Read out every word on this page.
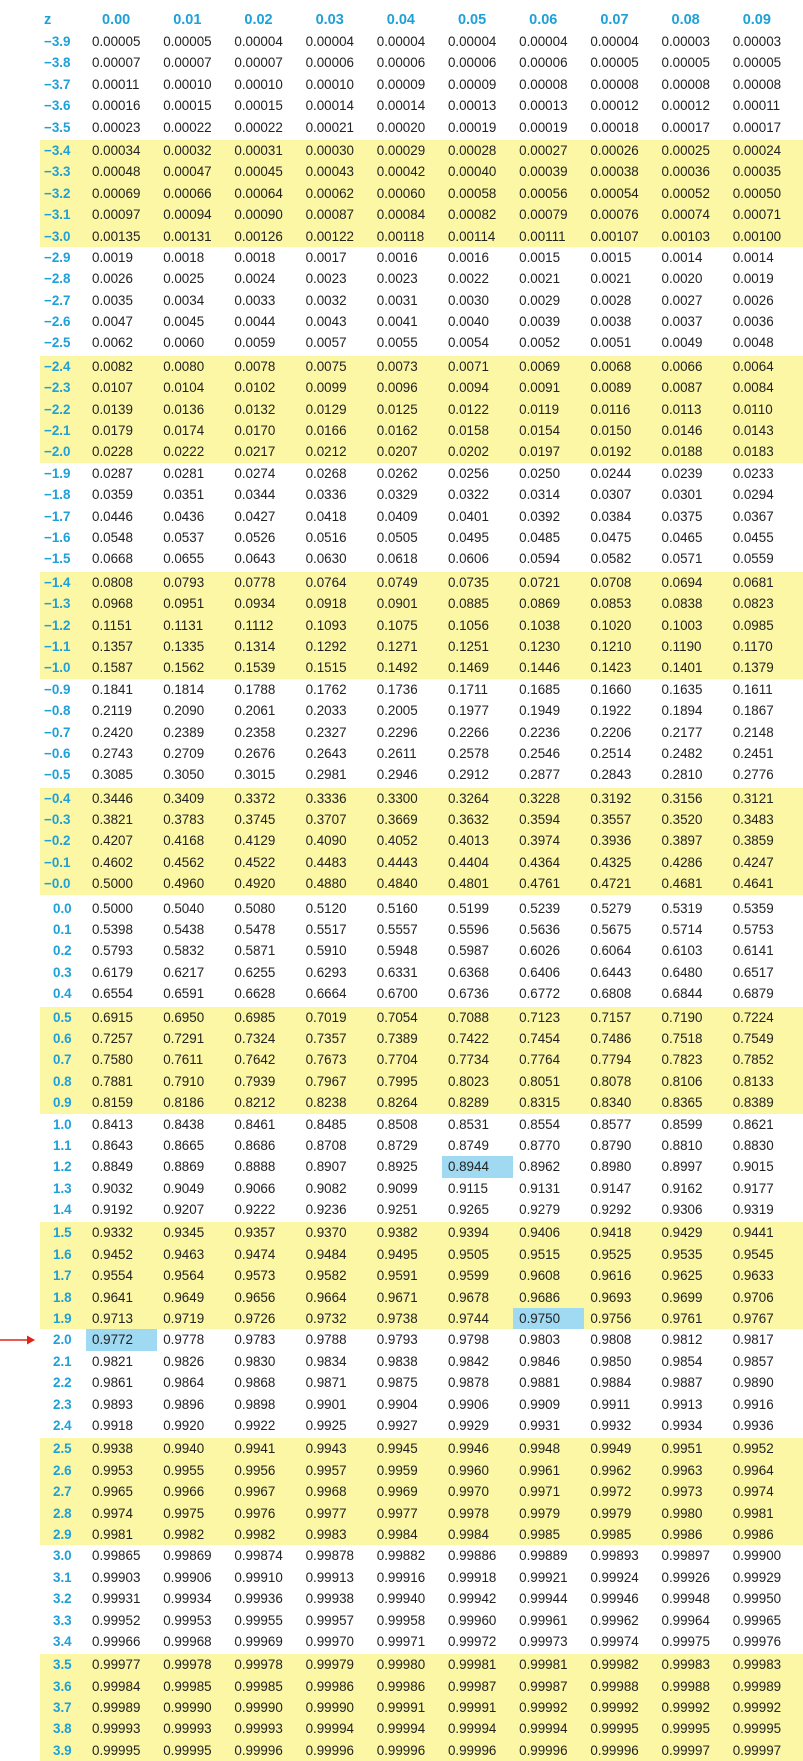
z	0.00	0.01	0.02	0.03	0.04	0.05	0.06	0.07	0.08	0.09
−3.9	0.00005	0.00005	0.00004	0.00004	0.00004	0.00004	0.00004	0.00004	0.00003	0.00003
−3.8	0.00007	0.00007	0.00007	0.00006	0.00006	0.00006	0.00006	0.00005	0.00005	0.00005
−3.7	0.00011	0.00010	0.00010	0.00010	0.00009	0.00009	0.00008	0.00008	0.00008	0.00008
−3.6	0.00016	0.00015	0.00015	0.00014	0.00014	0.00013	0.00013	0.00012	0.00012	0.00011
−3.5	0.00023	0.00022	0.00022	0.00021	0.00020	0.00019	0.00019	0.00018	0.00017	0.00017
−3.4	0.00034	0.00032	0.00031	0.00030	0.00029	0.00028	0.00027	0.00026	0.00025	0.00024
−3.3	0.00048	0.00047	0.00045	0.00043	0.00042	0.00040	0.00039	0.00038	0.00036	0.00035
−3.2	0.00069	0.00066	0.00064	0.00062	0.00060	0.00058	0.00056	0.00054	0.00052	0.00050
−3.1	0.00097	0.00094	0.00090	0.00087	0.00084	0.00082	0.00079	0.00076	0.00074	0.00071
−3.0	0.00135	0.00131	0.00126	0.00122	0.00118	0.00114	0.00111	0.00107	0.00103	0.00100
−2.9	0.0019	0.0018	0.0018	0.0017	0.0016	0.0016	0.0015	0.0015	0.0014	0.0014
−2.8	0.0026	0.0025	0.0024	0.0023	0.0023	0.0022	0.0021	0.0021	0.0020	0.0019
−2.7	0.0035	0.0034	0.0033	0.0032	0.0031	0.0030	0.0029	0.0028	0.0027	0.0026
−2.6	0.0047	0.0045	0.0044	0.0043	0.0041	0.0040	0.0039	0.0038	0.0037	0.0036
−2.5	0.0062	0.0060	0.0059	0.0057	0.0055	0.0054	0.0052	0.0051	0.0049	0.0048
−2.4	0.0082	0.0080	0.0078	0.0075	0.0073	0.0071	0.0069	0.0068	0.0066	0.0064
−2.3	0.0107	0.0104	0.0102	0.0099	0.0096	0.0094	0.0091	0.0089	0.0087	0.0084
−2.2	0.0139	0.0136	0.0132	0.0129	0.0125	0.0122	0.0119	0.0116	0.0113	0.0110
−2.1	0.0179	0.0174	0.0170	0.0166	0.0162	0.0158	0.0154	0.0150	0.0146	0.0143
−2.0	0.0228	0.0222	0.0217	0.0212	0.0207	0.0202	0.0197	0.0192	0.0188	0.0183
−1.9	0.0287	0.0281	0.0274	0.0268	0.0262	0.0256	0.0250	0.0244	0.0239	0.0233
−1.8	0.0359	0.0351	0.0344	0.0336	0.0329	0.0322	0.0314	0.0307	0.0301	0.0294
−1.7	0.0446	0.0436	0.0427	0.0418	0.0409	0.0401	0.0392	0.0384	0.0375	0.0367
−1.6	0.0548	0.0537	0.0526	0.0516	0.0505	0.0495	0.0485	0.0475	0.0465	0.0455
−1.5	0.0668	0.0655	0.0643	0.0630	0.0618	0.0606	0.0594	0.0582	0.0571	0.0559
−1.4	0.0808	0.0793	0.0778	0.0764	0.0749	0.0735	0.0721	0.0708	0.0694	0.0681
−1.3	0.0968	0.0951	0.0934	0.0918	0.0901	0.0885	0.0869	0.0853	0.0838	0.0823
−1.2	0.1151	0.1131	0.1112	0.1093	0.1075	0.1056	0.1038	0.1020	0.1003	0.0985
−1.1	0.1357	0.1335	0.1314	0.1292	0.1271	0.1251	0.1230	0.1210	0.1190	0.1170
−1.0	0.1587	0.1562	0.1539	0.1515	0.1492	0.1469	0.1446	0.1423	0.1401	0.1379
−0.9	0.1841	0.1814	0.1788	0.1762	0.1736	0.1711	0.1685	0.1660	0.1635	0.1611
−0.8	0.2119	0.2090	0.2061	0.2033	0.2005	0.1977	0.1949	0.1922	0.1894	0.1867
−0.7	0.2420	0.2389	0.2358	0.2327	0.2296	0.2266	0.2236	0.2206	0.2177	0.2148
−0.6	0.2743	0.2709	0.2676	0.2643	0.2611	0.2578	0.2546	0.2514	0.2482	0.2451
−0.5	0.3085	0.3050	0.3015	0.2981	0.2946	0.2912	0.2877	0.2843	0.2810	0.2776
−0.4	0.3446	0.3409	0.3372	0.3336	0.3300	0.3264	0.3228	0.3192	0.3156	0.3121
−0.3	0.3821	0.3783	0.3745	0.3707	0.3669	0.3632	0.3594	0.3557	0.3520	0.3483
−0.2	0.4207	0.4168	0.4129	0.4090	0.4052	0.4013	0.3974	0.3936	0.3897	0.3859
−0.1	0.4602	0.4562	0.4522	0.4483	0.4443	0.4404	0.4364	0.4325	0.4286	0.4247
−0.0	0.5000	0.4960	0.4920	0.4880	0.4840	0.4801	0.4761	0.4721	0.4681	0.4641
0.0	0.5000	0.5040	0.5080	0.5120	0.5160	0.5199	0.5239	0.5279	0.5319	0.5359
0.1	0.5398	0.5438	0.5478	0.5517	0.5557	0.5596	0.5636	0.5675	0.5714	0.5753
0.2	0.5793	0.5832	0.5871	0.5910	0.5948	0.5987	0.6026	0.6064	0.6103	0.6141
0.3	0.6179	0.6217	0.6255	0.6293	0.6331	0.6368	0.6406	0.6443	0.6480	0.6517
0.4	0.6554	0.6591	0.6628	0.6664	0.6700	0.6736	0.6772	0.6808	0.6844	0.6879
0.5	0.6915	0.6950	0.6985	0.7019	0.7054	0.7088	0.7123	0.7157	0.7190	0.7224
0.6	0.7257	0.7291	0.7324	0.7357	0.7389	0.7422	0.7454	0.7486	0.7518	0.7549
0.7	0.7580	0.7611	0.7642	0.7673	0.7704	0.7734	0.7764	0.7794	0.7823	0.7852
0.8	0.7881	0.7910	0.7939	0.7967	0.7995	0.8023	0.8051	0.8078	0.8106	0.8133
0.9	0.8159	0.8186	0.8212	0.8238	0.8264	0.8289	0.8315	0.8340	0.8365	0.8389
1.0	0.8413	0.8438	0.8461	0.8485	0.8508	0.8531	0.8554	0.8577	0.8599	0.8621
1.1	0.8643	0.8665	0.8686	0.8708	0.8729	0.8749	0.8770	0.8790	0.8810	0.8830
1.2	0.8849	0.8869	0.8888	0.8907	0.8925	0.8944	0.8962	0.8980	0.8997	0.9015
1.3	0.9032	0.9049	0.9066	0.9082	0.9099	0.9115	0.9131	0.9147	0.9162	0.9177
1.4	0.9192	0.9207	0.9222	0.9236	0.9251	0.9265	0.9279	0.9292	0.9306	0.9319
1.5	0.9332	0.9345	0.9357	0.9370	0.9382	0.9394	0.9406	0.9418	0.9429	0.9441
1.6	0.9452	0.9463	0.9474	0.9484	0.9495	0.9505	0.9515	0.9525	0.9535	0.9545
1.7	0.9554	0.9564	0.9573	0.9582	0.9591	0.9599	0.9608	0.9616	0.9625	0.9633
1.8	0.9641	0.9649	0.9656	0.9664	0.9671	0.9678	0.9686	0.9693	0.9699	0.9706
1.9	0.9713	0.9719	0.9726	0.9732	0.9738	0.9744	0.9750	0.9756	0.9761	0.9767
2.0	0.9772	0.9778	0.9783	0.9788	0.9793	0.9798	0.9803	0.9808	0.9812	0.9817
2.1	0.9821	0.9826	0.9830	0.9834	0.9838	0.9842	0.9846	0.9850	0.9854	0.9857
2.2	0.9861	0.9864	0.9868	0.9871	0.9875	0.9878	0.9881	0.9884	0.9887	0.9890
2.3	0.9893	0.9896	0.9898	0.9901	0.9904	0.9906	0.9909	0.9911	0.9913	0.9916
2.4	0.9918	0.9920	0.9922	0.9925	0.9927	0.9929	0.9931	0.9932	0.9934	0.9936
2.5	0.9938	0.9940	0.9941	0.9943	0.9945	0.9946	0.9948	0.9949	0.9951	0.9952
2.6	0.9953	0.9955	0.9956	0.9957	0.9959	0.9960	0.9961	0.9962	0.9963	0.9964
2.7	0.9965	0.9966	0.9967	0.9968	0.9969	0.9970	0.9971	0.9972	0.9973	0.9974
2.8	0.9974	0.9975	0.9976	0.9977	0.9977	0.9978	0.9979	0.9979	0.9980	0.9981
2.9	0.9981	0.9982	0.9982	0.9983	0.9984	0.9984	0.9985	0.9985	0.9986	0.9986
3.0	0.99865	0.99869	0.99874	0.99878	0.99882	0.99886	0.99889	0.99893	0.99897	0.99900
3.1	0.99903	0.99906	0.99910	0.99913	0.99916	0.99918	0.99921	0.99924	0.99926	0.99929
3.2	0.99931	0.99934	0.99936	0.99938	0.99940	0.99942	0.99944	0.99946	0.99948	0.99950
3.3	0.99952	0.99953	0.99955	0.99957	0.99958	0.99960	0.99961	0.99962	0.99964	0.99965
3.4	0.99966	0.99968	0.99969	0.99970	0.99971	0.99972	0.99973	0.99974	0.99975	0.99976
3.5	0.99977	0.99978	0.99978	0.99979	0.99980	0.99981	0.99981	0.99982	0.99983	0.99983
3.6	0.99984	0.99985	0.99985	0.99986	0.99986	0.99987	0.99987	0.99988	0.99988	0.99989
3.7	0.99989	0.99990	0.99990	0.99990	0.99991	0.99991	0.99992	0.99992	0.99992	0.99992
3.8	0.99993	0.99993	0.99993	0.99994	0.99994	0.99994	0.99994	0.99995	0.99995	0.99995
3.9	0.99995	0.99995	0.99996	0.99996	0.99996	0.99996	0.99996	0.99996	0.99997	0.99997
